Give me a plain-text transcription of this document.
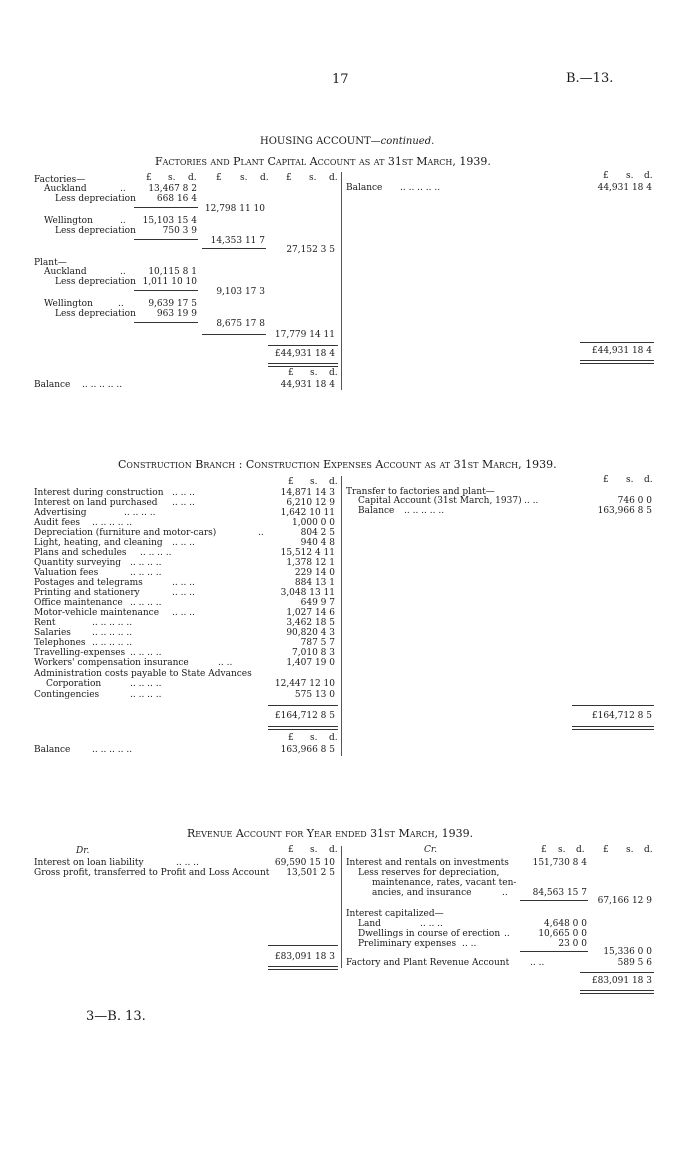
17	B.—13.
HOUSING ACCOUNT—continued.
Factories and Plant Capital Account as at 31st March, 1939.
£ s. d. £ s. d. £ s. d.
Factories—
Auckland	..	13,467 8 2
Less depreciation 668 16 4
12,798 11 10
Wellington	.. 15,103 15 4
Less depreciation	750 3 9
14,353 11 7
27,152 3 5
Plant—
Auckland	..	10,115 8 1
Less depreciation 1,011 10 10
9,103 17 3
Wellington	..	9,639 17 5
Less depreciation 963 19 9
8,675 17 8
17,779 14 11
£44,931 18 4
£ s. d.
Balance .. .. .. .. ..	44,931 18 4
£ s. d.
Balance .. .. .. .. ..	44,931 18 4
£44,931 18 4
Construction Branch : Construction Expenses Account as at 31st March, 1939.
£ s. d.	£ s. d.
Interest during construction .. .. ..	14,871 14 3
Interest on land purchased .. .. ..	6,210 12 9
Advertising	.. .. .. ..	1,642 10 11
Audit fees .. .. .. .. ..	1,000 0 0
Depreciation (furniture and motor-cars)	..	804 2 5
Light, heating, and cleaning .. .. ..	940 4 8
Plans and schedules .. .. .. ..	15,512 4 11
Quantity surveying .. .. .. ..	1,378 12 1
Valuation fees	.. .. .. ..	229 14 0
Postages and telegrams	.. .. ..	884 13 1
Printing and stationery	.. .. ..	3,048 13 11
Office maintenance .. .. .. ..	649 9 7
Motor-vehicle maintenance .. .. ..	1,027 14 6
Rent	.. .. .. .. ..	3,462 18 5
Salaries .. .. .. .. ..	90,820 4 3
Telephones .. .. .. .. ..	787 5 7
Travelling-expenses .. .. .. ..	7,010 8 3
Workers' compensation insurance	.. ..	1,407 19 0
Administration costs payable to State Advances
Corporation	.. .. .. ..	12,447 12 10
Contingencies	.. .. .. ..	575 13 0
£164,712 8 5
£ s. d.
Balance .. .. .. .. ..	163,966 8 5
Transfer to factories and plant—
Capital Account (31st March, 1937) .. ..	746 0 0
Balance .. .. .. .. ..	163,966 8 5
£164,712 8 5
Revenue Account for Year ended 31st March, 1939.
Dr.	£ s. d.	Cr.	£ s. d. £ s. d.
Interest on loan liability	.. .. ..	69,590 15 10
Gross profit, transferred to Profit and Loss Account 13,501 2 5
£83,091 18 3
Interest and rentals on investments	151,730 8 4
Less reserves for depreciation,
maintenance, rates, vacant ten-
ancies, and insurance	..	84,563 15 7
67,166 12 9
Interest capitalized—
Land	.. .. ..	4,648 0 0
Dwellings in course of erection ..	10,665 0 0
Preliminary expenses .. ..	23 0 0
15,336 0 0
Factory and Plant Revenue Account .. ..	589 5 6
£83,091 18 3
3—B. 13.
